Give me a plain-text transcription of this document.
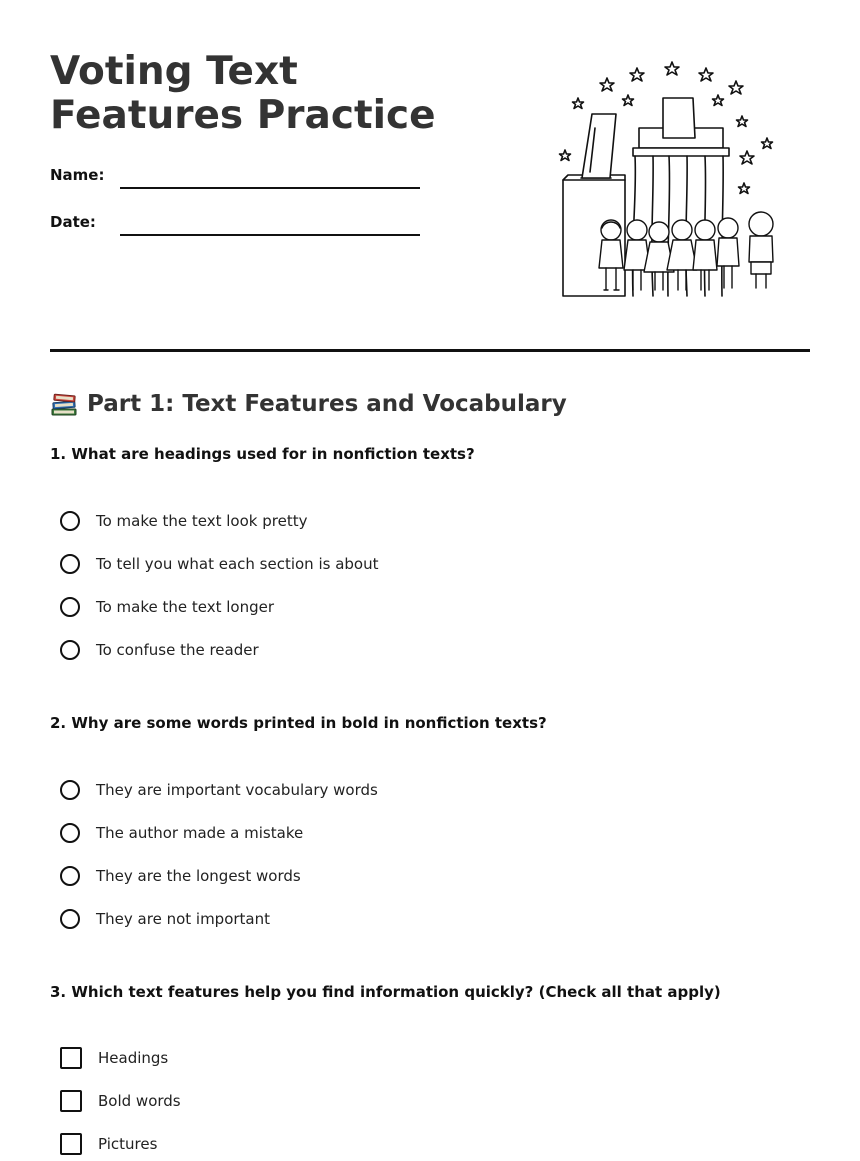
Voting Text Features Practice
Name:
Date:
Part 1: Text Features and Vocabulary

1. What are headings used for in nonfiction texts?

To make the text look pretty
To tell you what each section is about
To make the text longer
To confuse the reader

2. Why are some words printed in bold in nonfiction texts?

They are important vocabulary words
The author made a mistake
They are the longest words
They are not important

3. Which text features help you find information quickly? (Check all that apply)

Headings
Bold words
Pictures
